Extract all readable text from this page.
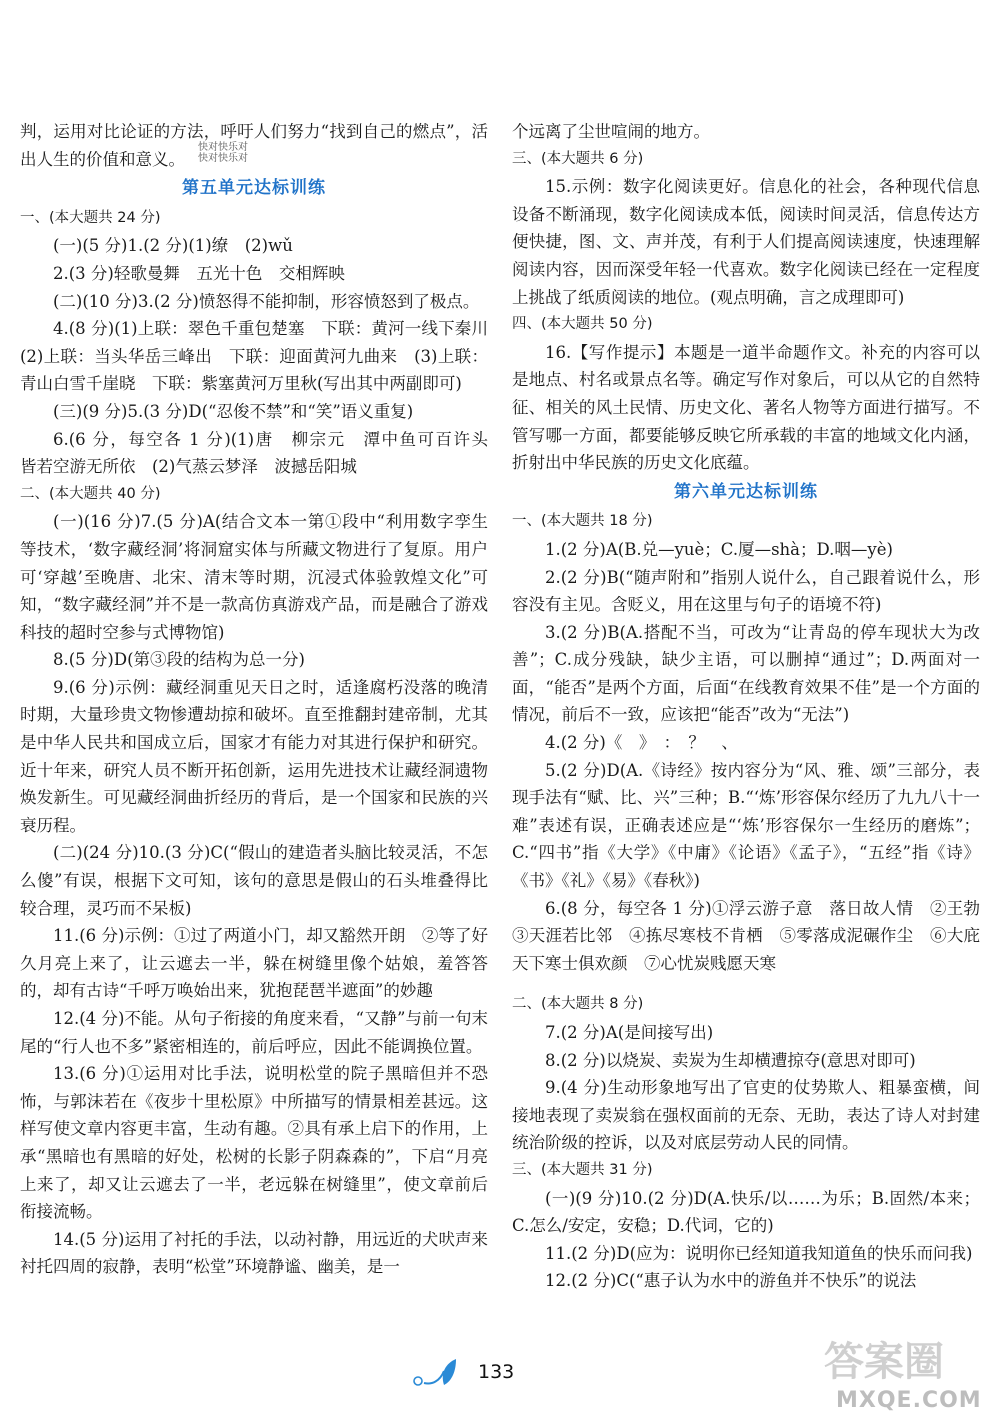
快对快乐对
快对快乐对

判，运用对比论证的方法，呼吁人们努力“找到自己的燃点”，活出人生的价值和意义。

第五单元达标训练

一、(本大题共 24 分)

(一)(5 分)1.(2 分)(1)缭　(2)wǔ

2.(3 分)轻歌曼舞　五光十色　交相辉映

(二)(10 分)3.(2 分)愤怒得不能抑制，形容愤怒到了极点。

4.(8 分)(1)上联：翠色千重包楚塞　下联：黄河一线下秦川　(2)上联：当头华岳三峰出　下联：迎面黄河九曲来　(3)上联：青山白雪千崖晓　下联：紫塞黄河万里秋(写出其中两副即可)

(三)(9 分)5.(3 分)D(“忍俊不禁”和“笑”语义重复)

6.(6 分，每空各 1 分)(1)唐　柳宗元　潭中鱼可百许头　皆若空游无所依　(2)气蒸云梦泽　波撼岳阳城

二、(本大题共 40 分)

(一)(16 分)7.(5 分)A(结合文本一第①段中“利用数字孪生等技术，‘数字藏经洞’将洞窟实体与所藏文物进行了复原。用户可‘穿越’至晚唐、北宋、清末等时期，沉浸式体验敦煌文化”可知，“数字藏经洞”并不是一款高仿真游戏产品，而是融合了游戏科技的超时空参与式博物馆)

8.(5 分)D(第③段的结构为总一分)

9.(6 分)示例：藏经洞重见天日之时，适逢腐朽没落的晚清时期，大量珍贵文物惨遭劫掠和破坏。直至推翻封建帝制，尤其是中华人民共和国成立后，国家才有能力对其进行保护和研究。近十年来，研究人员不断开拓创新，运用先进技术让藏经洞遗物焕发新生。可见藏经洞曲折经历的背后，是一个国家和民族的兴衰历程。

(二)(24 分)10.(3 分)C(“假山的建造者头脑比较灵活，不怎么傻”有误，根据下文可知，该句的意思是假山的石头堆叠得比较合理，灵巧而不呆板)

11.(6 分)示例：①过了两道小门，却又豁然开朗　②等了好久月亮上来了，让云遮去一半，躲在树缝里像个姑娘，羞答答的，却有古诗“千呼万唤始出来，犹抱琵琶半遮面”的妙趣

12.(4 分)不能。从句子衔接的角度来看，“又静”与前一句末尾的“行人也不多”紧密相连的，前后呼应，因此不能调换位置。

13.(6 分)①运用对比手法，说明松堂的院子黑暗但并不恐怖，与郭沫若在《夜步十里松原》中所描写的情景相差甚远。这样写使文章内容更丰富，生动有趣。②具有承上启下的作用，上承“黑暗也有黑暗的好处，松树的长影子阴森森的”，下启“月亮上来了，却又让云遮去了一半，老远躲在树缝里”，使文章前后衔接流畅。

14.(5 分)运用了衬托的手法，以动衬静，用远近的犬吠声来衬托四周的寂静，表明“松堂”环境静谧、幽美，是一

个远离了尘世喧闹的地方。

三、(本大题共 6 分)

15.示例：数字化阅读更好。信息化的社会，各种现代信息设备不断涌现，数字化阅读成本低，阅读时间灵活，信息传达方便快捷，图、文、声并茂，有利于人们提高阅读速度，快速理解阅读内容，因而深受年轻一代喜欢。数字化阅读已经在一定程度上挑战了纸质阅读的地位。(观点明确，言之成理即可)

四、(本大题共 50 分)

16.【写作提示】本题是一道半命题作文。补充的内容可以是地点、村名或景点名等。确定写作对象后，可以从它的自然特征、相关的风土民情、历史文化、著名人物等方面进行描写。不管写哪一方面，都要能够反映它所承载的丰富的地域文化内涵，折射出中华民族的历史文化底蕴。

第六单元达标训练

一、(本大题共 18 分)

1.(2 分)A(B.兑—yuè；C.厦—shà；D.咽—yè)

2.(2 分)B(“随声附和”指别人说什么，自己跟着说什么，形容没有主见。含贬义，用在这里与句子的语境不符)

3.(2 分)B(A.搭配不当，可改为“让青岛的停车现状大为改善”；C.成分残缺，缺少主语，可以删掉“通过”；D.两面对一面，“能否”是两个方面，后面“在线教育效果不佳”是一个方面的情况，前后不一致，应该把“能否”改为“无法”)

4.(2 分)《　》　：　？　、

5.(2 分)D(A.《诗经》按内容分为“风、雅、颂”三部分，表现手法有“赋、比、兴”三种；B.“‘炼’形容保尔经历了九九八十一难”表述有误，正确表述应是“‘炼’形容保尔一生经历的磨炼”；C.“四书”指《大学》《中庸》《论语》《孟子》，“五经”指《诗》《书》《礼》《易》《春秋》)

6.(8 分，每空各 1 分)①浮云游子意　落日故人情　②王勃　③天涯若比邻　④拣尽寒枝不肯栖　⑤零落成泥碾作尘　⑥大庇天下寒士俱欢颜　⑦心忧炭贱愿天寒

二、(本大题共 8 分)

7.(2 分)A(是间接写出)

8.(2 分)以烧炭、卖炭为生却横遭掠夺(意思对即可)

9.(4 分)生动形象地写出了官吏的仗势欺人、粗暴蛮横，间接地表现了卖炭翁在强权面前的无奈、无助，表达了诗人对封建统治阶级的控诉，以及对底层劳动人民的同情。

三、(本大题共 31 分)

(一)(9 分)10.(2 分)D(A.快乐/以……为乐；B.固然/本来；C.怎么/安定，安稳；D.代词，它的)

11.(2 分)D(应为：说明你已经知道我知道鱼的快乐而问我)

12.(2 分)C(“惠子认为水中的游鱼并不快乐”的说法

133	答案圈
MXQE.COM
